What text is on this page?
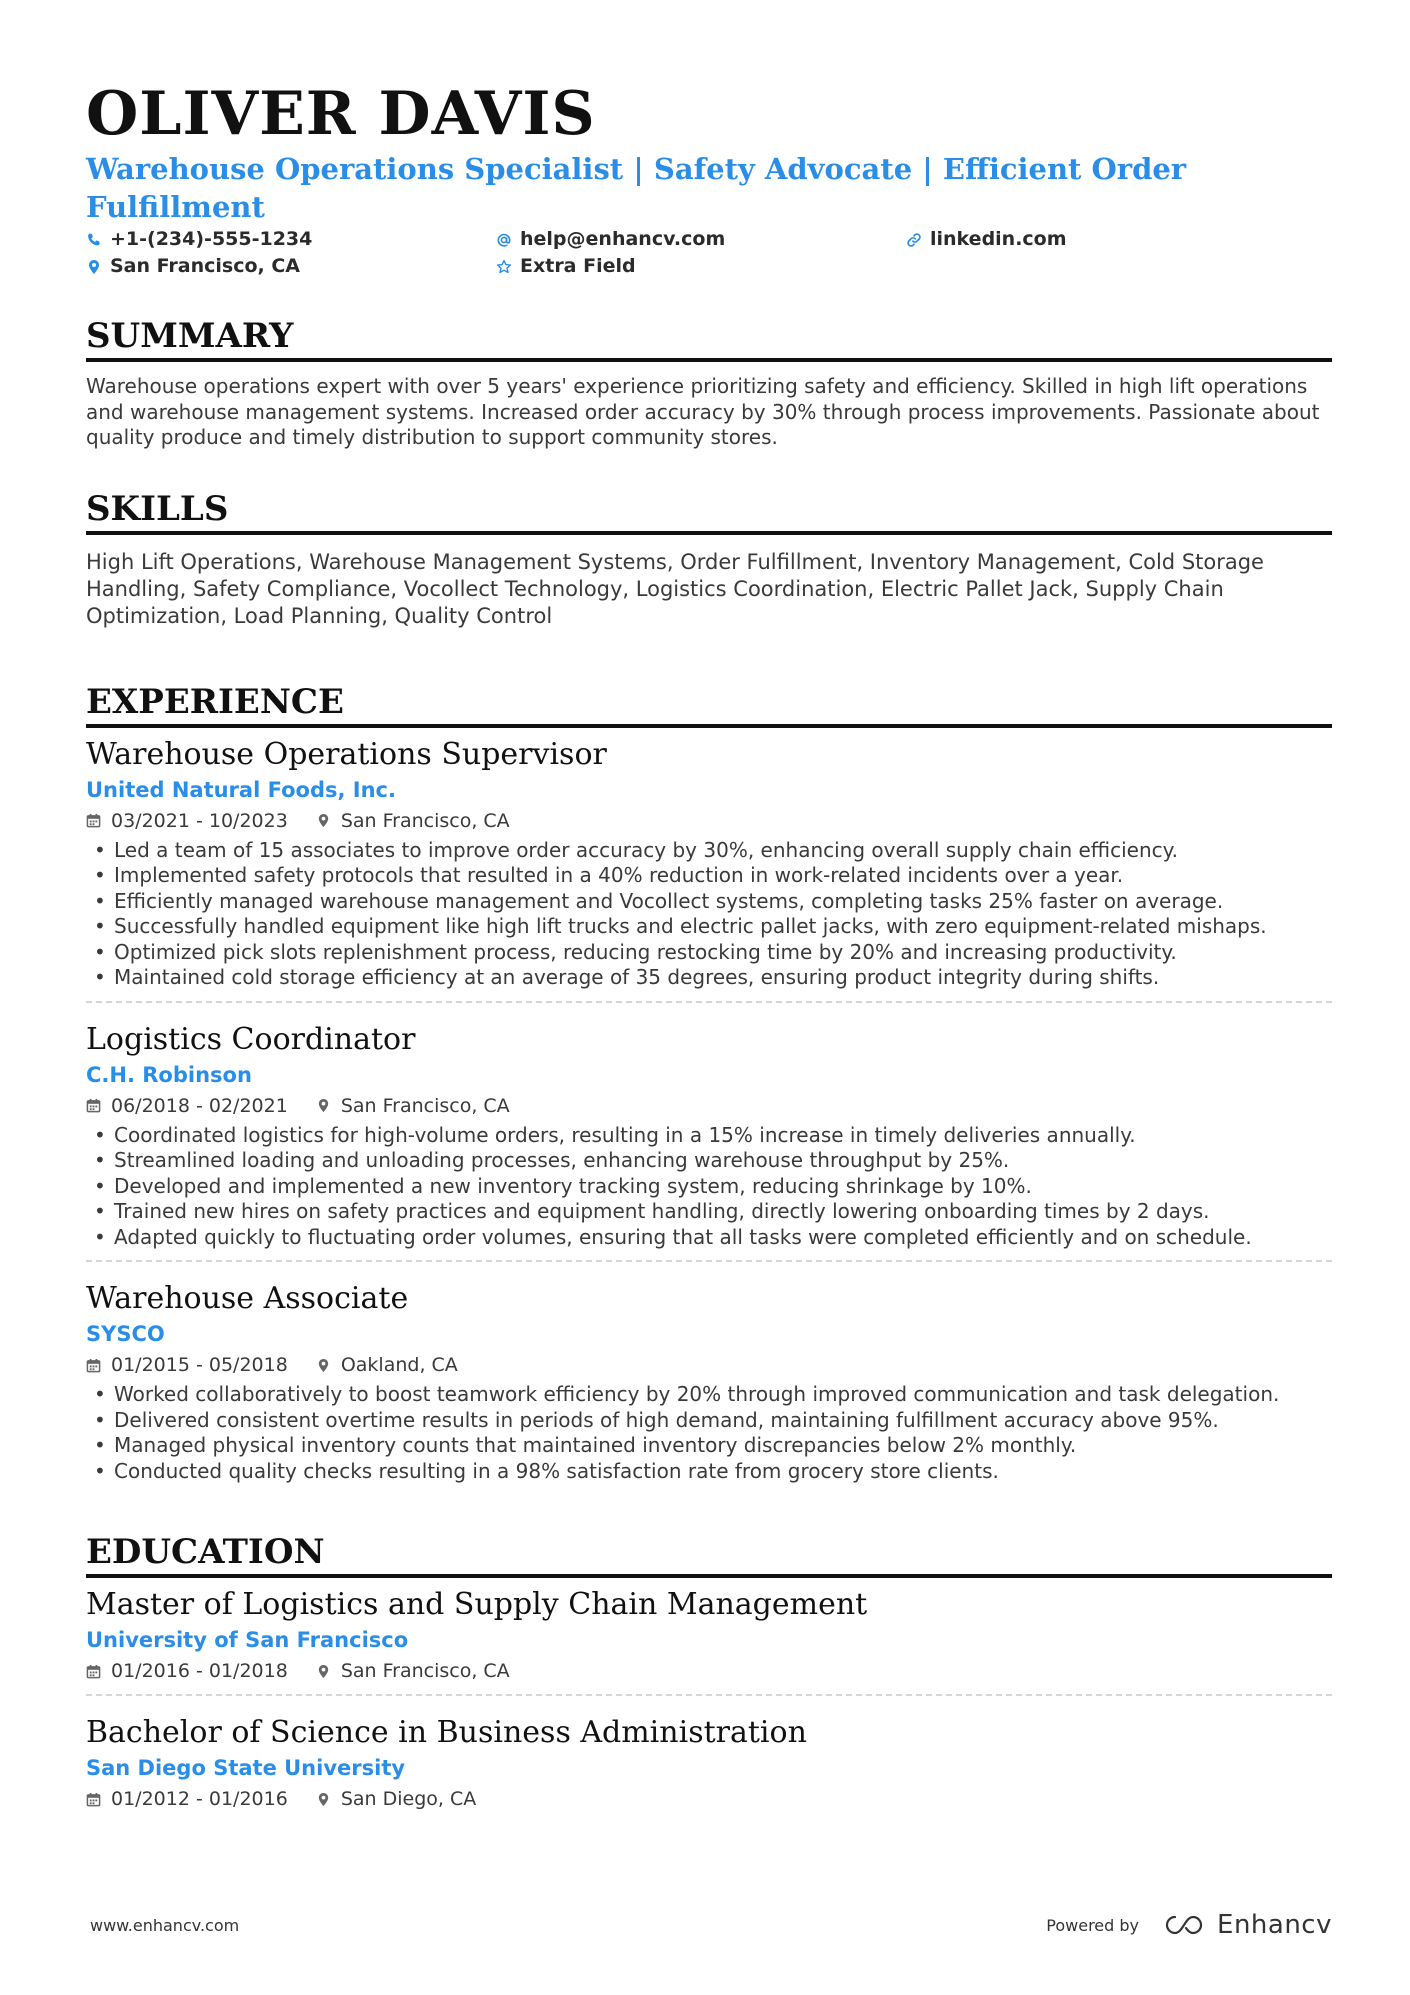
OLIVER DAVIS

Warehouse Operations Specialist | Safety Advocate | Efficient Order Fulfillment

+1-(234)-555-1234	help@enhancv.com	linkedin.com
San Francisco, CA	Extra Field
SUMMARY

Warehouse operations expert with over 5 years' experience prioritizing safety and efficiency. Skilled in high lift operations and warehouse management systems. Increased order accuracy by 30% through process improvements. Passionate about quality produce and timely distribution to support community stores.

SKILLS

High Lift Operations, Warehouse Management Systems, Order Fulfillment, Inventory Management, Cold Storage Handling, Safety Compliance, Vocollect Technology, Logistics Coordination, Electric Pallet Jack, Supply Chain Optimization, Load Planning, Quality Control

EXPERIENCE

Warehouse Operations Supervisor

United Natural Foods, Inc.

03/2021 - 10/2023	San Francisco, CA
• Led a team of 15 associates to improve order accuracy by 30%, enhancing overall supply chain efficiency.
• Implemented safety protocols that resulted in a 40% reduction in work-related incidents over a year.
• Efficiently managed warehouse management and Vocollect systems, completing tasks 25% faster on average.
• Successfully handled equipment like high lift trucks and electric pallet jacks, with zero equipment-related mishaps.
• Optimized pick slots replenishment process, reducing restocking time by 20% and increasing productivity.
• Maintained cold storage efficiency at an average of 35 degrees, ensuring product integrity during shifts.

Logistics Coordinator

C.H. Robinson

06/2018 - 02/2021	San Francisco, CA
• Coordinated logistics for high-volume orders, resulting in a 15% increase in timely deliveries annually.
• Streamlined loading and unloading processes, enhancing warehouse throughput by 25%.
• Developed and implemented a new inventory tracking system, reducing shrinkage by 10%.
• Trained new hires on safety practices and equipment handling, directly lowering onboarding times by 2 days.
• Adapted quickly to fluctuating order volumes, ensuring that all tasks were completed efficiently and on schedule.

Warehouse Associate

SYSCO

01/2015 - 05/2018	Oakland, CA
• Worked collaboratively to boost teamwork efficiency by 20% through improved communication and task delegation.
• Delivered consistent overtime results in periods of high demand, maintaining fulfillment accuracy above 95%.
• Managed physical inventory counts that maintained inventory discrepancies below 2% monthly.
• Conducted quality checks resulting in a 98% satisfaction rate from grocery store clients.
EDUCATION

Master of Logistics and Supply Chain Management

University of San Francisco

01/2016 - 01/2018	San Francisco, CA

Bachelor of Science in Business Administration

San Diego State University

01/2012 - 01/2016	San Diego, CA
www.enhancv.com	Powered by	Enhancv
